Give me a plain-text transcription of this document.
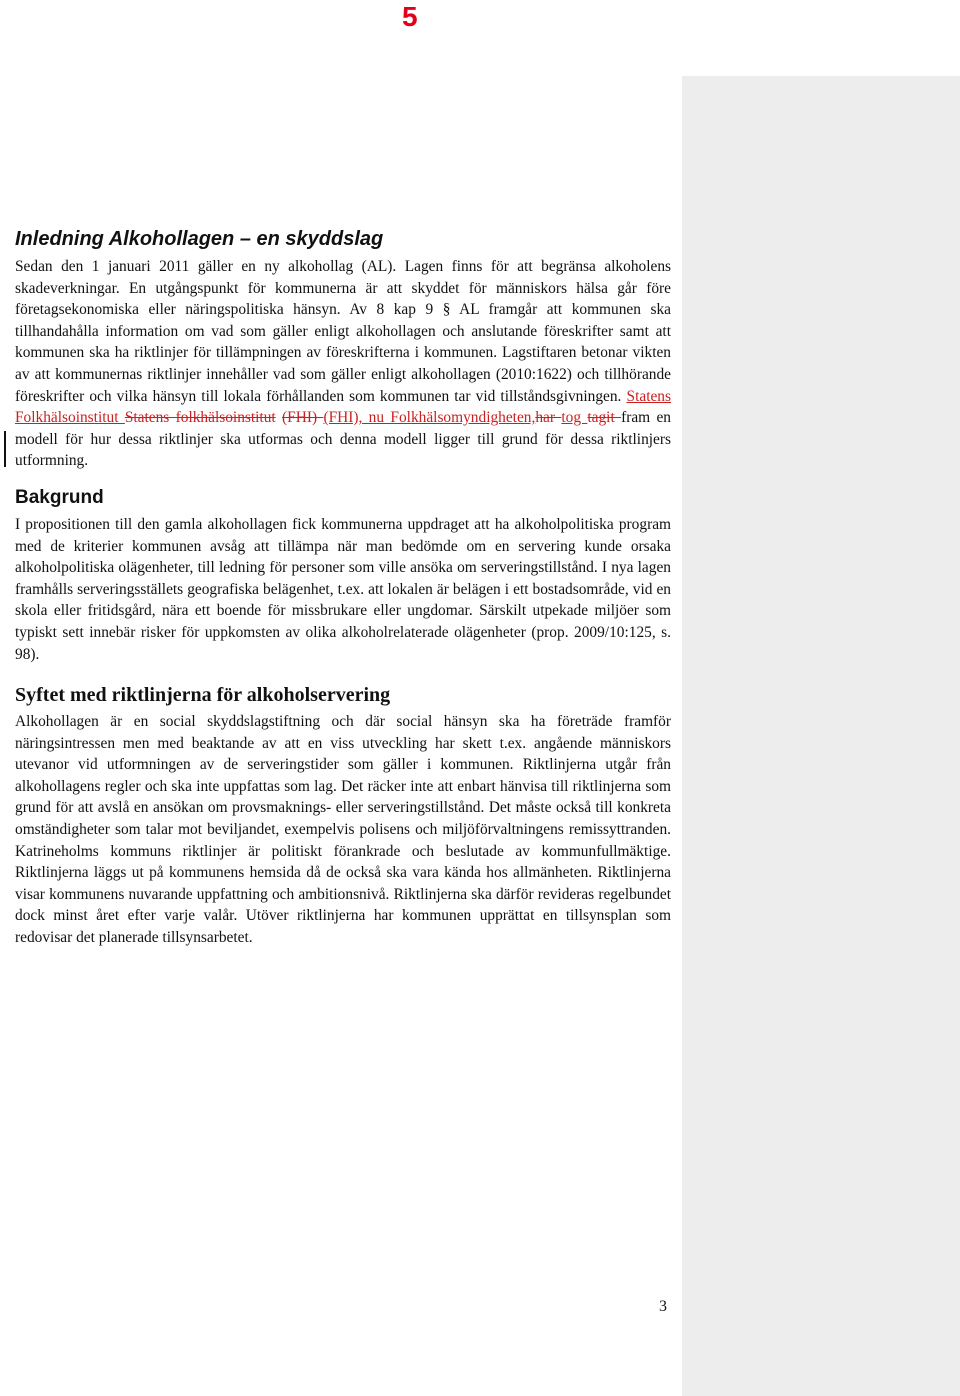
5
Inledning Alkohollagen – en skyddslag

Sedan den 1 januari 2011 gäller en ny alkohollag (AL). Lagen finns för att begränsa alkoholens skadeverkningar. En utgångspunkt för kommunerna är att skyddet för människors hälsa går före företagsekonomiska eller näringspolitiska hänsyn. Av 8 kap 9 § AL framgår att kommunen ska tillhandahålla information om vad som gäller enligt alkohollagen och anslutande föreskrifter samt att kommunen ska ha riktlinjer för tillämpningen av föreskrifterna i kommunen. Lagstiftaren betonar vikten av att kommunernas riktlinjer innehåller vad som gäller enligt alkohollagen (2010:1622) och tillhörande föreskrifter och vilka hänsyn till lokala förhållanden som kommunen tar vid tillståndsgivningen. Statens Folkhälsoinstitut Statens folkhälsoinstitut (FHI) (FHI), nu Folkhälsomyndigheten,har tog tagit fram en modell för hur dessa riktlinjer ska utformas och denna modell ligger till grund för dessa riktlinjers utformning.

Bakgrund

I propositionen till den gamla alkohollagen fick kommunerna uppdraget att ha alkoholpolitiska program med de kriterier kommunen avsåg att tillämpa när man bedömde om en servering kunde orsaka alkoholpolitiska olägenheter, till ledning för personer som ville ansöka om serveringstillstånd. I nya lagen framhålls serveringsställets geografiska belägenhet, t.ex. att lokalen är belägen i ett bostadsområde, vid en skola eller fritidsgård, nära ett boende för missbrukare eller ungdomar. Särskilt utpekade miljöer som typiskt sett innebär risker för uppkomsten av olika alkoholrelaterade olägenheter (prop. 2009/10:125, s. 98).

Syftet med riktlinjerna för alkoholservering

Alkohollagen är en social skyddslagstiftning och där social hänsyn ska ha företräde framför näringsintressen men med beaktande av att en viss utveckling har skett t.ex. angående människors utevanor vid utformningen av de serveringstider som gäller i kommunen. Riktlinjerna utgår från alkohollagens regler och ska inte uppfattas som lag. Det räcker inte att enbart hänvisa till riktlinjerna som grund för att avslå en ansökan om provsmaknings- eller serveringstillstånd. Det måste också till konkreta omständigheter som talar mot beviljandet, exempelvis polisens och miljöförvaltningens remissyttranden. Katrineholms kommuns riktlinjer är politiskt förankrade och beslutade av kommunfullmäktige. Riktlinjerna läggs ut på kommunens hemsida då de också ska vara kända hos allmänheten. Riktlinjerna visar kommunens nuvarande uppfattning och ambitionsnivå. Riktlinjerna ska därför revideras regelbundet dock minst året efter varje valår. Utöver riktlinjerna har kommunen upprättat en tillsynsplan som redovisar det planerade tillsynsarbetet.

3
